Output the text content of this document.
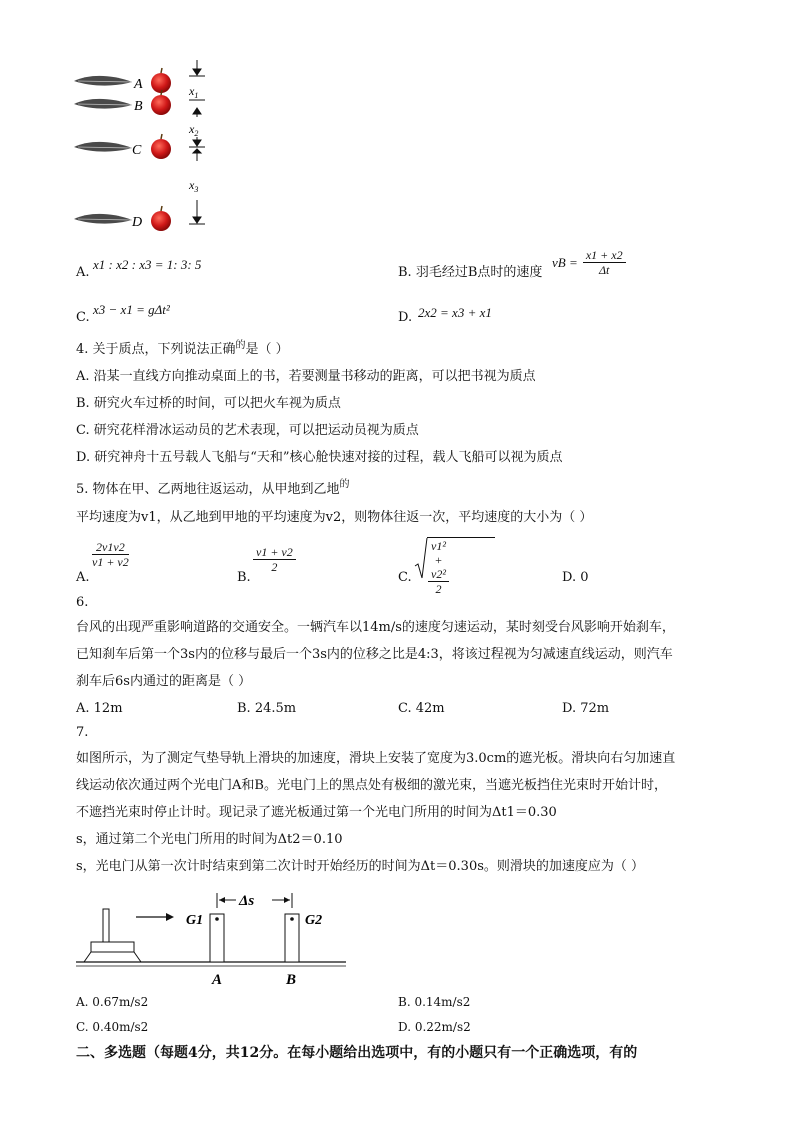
A
B
C
D
$x_1$
$x_2$
$x_3$
A.
x1 : x2 : x3 = 1: 3: 5
B. 羽毛经过B点时的速度
vB = $\frac{x1 + x2}{\Delta t}$
C.
x3 − x1 = gΔt²
D. 2x2 = x3 + x1
4. 关于质点，下列说法正确$^的$是（ ）
A. 沿某一直线方向推动桌面上的书，若要测量书移动的距离，可以把书视为质点
B. 研究火车过桥的时间，可以把火车视为质点
C. 研究花样滑冰运动员的艺术表现，可以把运动员视为质点
D. 研究神舟十五号载人飞船与“天和”核心舱快速对接的过程，载人飞船可以视为质点
5. 物体在甲、乙两地往返运动，从甲地到乙地$^的$
平均速度为v1，从乙地到甲地的平均速度为v2，则物体往返一次，平均速度的大小为（ ）
A.
$\frac{2v1v2}{v1 + v2}$
B.
$\frac{v1 + v2}{2}$
C. $\frac{\text{v1² + v2²}}{2}$	D. 0
6.
台风的出现严重影响道路的交通安全。一辆汽车以14m/s的速度匀速运动，某时刻受台风影响开始刹车，
已知刹车后第一个3s内的位移与最后一个3s内的位移之比是4:3，将该过程视为匀减速直线运动，则汽车
刹车后6s内通过的距离是（ ）
A. 12m	B. 24.5m	C. 42m	D. 72m
7.
如图所示，为了测定气垫导轨上滑块的加速度，滑块上安装了宽度为3.0cm的遮光板。滑块向右匀加速直
线运动依次通过两个光电门A和B。光电门上的黑点处有极细的激光束，当遮光板挡住光束时开始计时，
不遮挡光束时停止计时。现记录了遮光板通过第一个光电门所用的时间为Δt1＝0.30
s，通过第二个光电门所用的时间为Δt2＝0.10
s，光电门从第一次计时结束到第二次计时开始经历的时间为Δt＝0.30s。则滑块的加速度应为（ ）
Δs
G1	G2
A	B
A. 0.67m/s2	B. 0.14m/s2
C. 0.40m/s2	D. 0.22m/s2
二、多选题（每题4分，共12分。在每小题给出选项中，有的小题只有一个正确选项，有的
